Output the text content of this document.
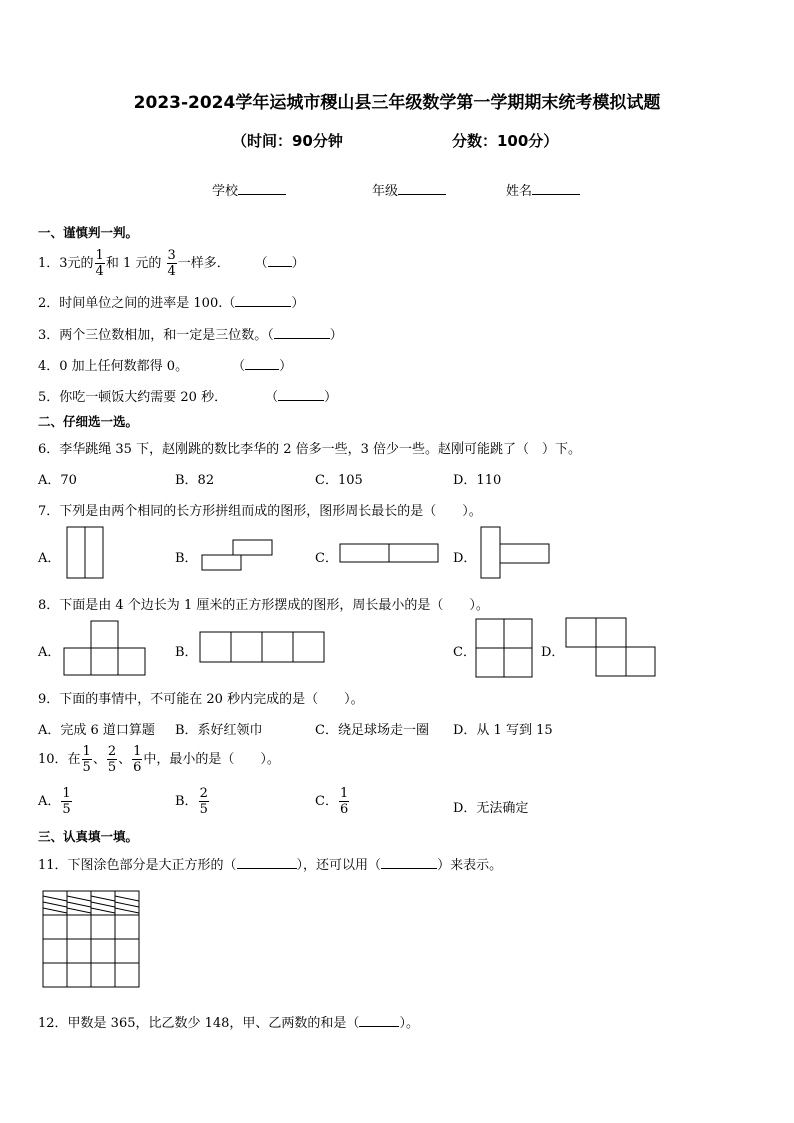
2023-2024学年运城市稷山县三年级数学第一学期期末统考模拟试题
（时间：90分钟	分数：100分）
学校	年级	姓名
一、谨慎判一判。
1．3元的 $\frac{1}{4}$ 和 1 元的 $\frac{3}{4}$ 一样多． （ ）
2．时间单位之间的进率是 100.（	）
3．两个三位数相加，和一定是三位数。（	）
4．0 加上任何数都得 0。	（	）
5．你吃一顿饭大约需要 20 秒．	（	）
二、仔细选一选。
6．李华跳绳 35 下，赵刚跳的数比李华的 2 倍多一些，3 倍少一些。赵刚可能跳了（　）下。
A．70	B．82	C．105	D．110
7．下列是由两个相同的长方形拼组而成的图形，图形周长最长的是（　　）。
A．	B．	C．	D．
8．下面是由 4 个边长为 1 厘米的正方形摆成的图形，周长最小的是（　　）。
A．	B．	C．	D．
9．下面的事情中，不可能在 20 秒内完成的是（　　）。
A．完成 6 道口算题 B．系好红领巾	C．绕足球场走一圈 D．从 1 写到 15
10．在 $\frac{1}{5}$ 、 $\frac{2}{5}$ 、 $\frac{1}{6}$ 中，最小的是（　　）。
A． $\frac{1}{5}$	B． $\frac{2}{5}$	C． $\frac{1}{6}$	D．无法确定
三、认真填一填。
11．下图涂色部分是大正方形的（	），还可以用（	）来表示。
12．甲数是 365，比乙数少 148，甲、乙两数的和是（	）。
